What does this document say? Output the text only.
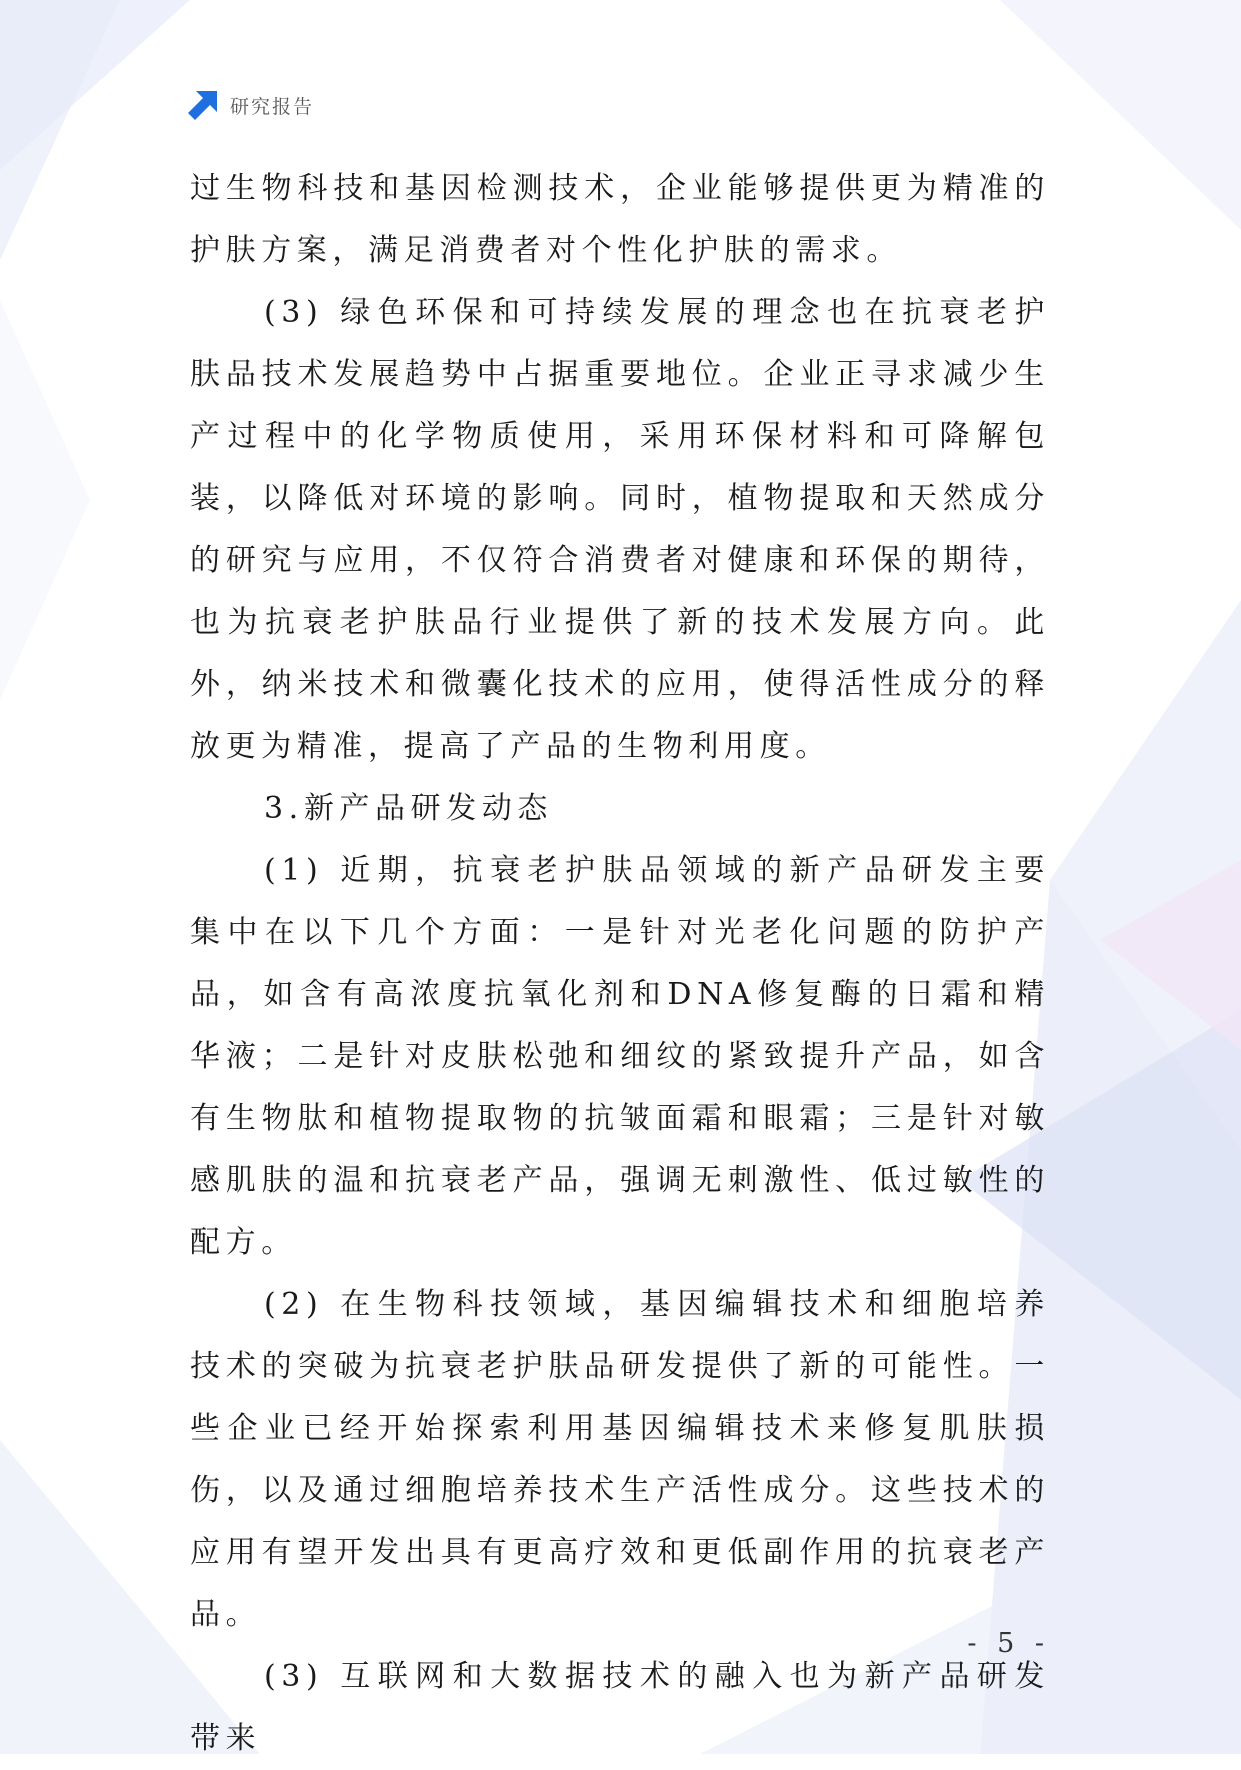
研究报告

过生物科技和基因检测技术，企业能够提供更为精准的护肤方案，满足消费者对个性化护肤的需求。

(3) 绿色环保和可持续发展的理念也在抗衰老护肤品技术发展趋势中占据重要地位。企业正寻求减少生产过程中的化学物质使用，采用环保材料和可降解包装，以降低对环境的影响。同时，植物提取和天然成分的研究与应用，不仅符合消费者对健康和环保的期待，也为抗衰老护肤品行业提供了新的技术发展方向。此外，纳米技术和微囊化技术的应用，使得活性成分的释放更为精准，提高了产品的生物利用度。

3.新产品研发动态

(1) 近期，抗衰老护肤品领域的新产品研发主要集中在以下几个方面：一是针对光老化问题的防护产品，如含有高浓度抗氧化剂和DNA修复酶的日霜和精华液；二是针对皮肤松弛和细纹的紧致提升产品，如含有生物肽和植物提取物的抗皱面霜和眼霜；三是针对敏感肌肤的温和抗衰老产品，强调无刺激性、低过敏性的配方。

(2) 在生物科技领域，基因编辑技术和细胞培养技术的突破为抗衰老护肤品研发提供了新的可能性。一些企业已经开始探索利用基因编辑技术来修复肌肤损伤，以及通过细胞培养技术生产活性成分。这些技术的应用有望开发出具有更高疗效和更低副作用的抗衰老产品。

(3) 互联网和大数据技术的融入也为新产品研发带来

- 5 -
